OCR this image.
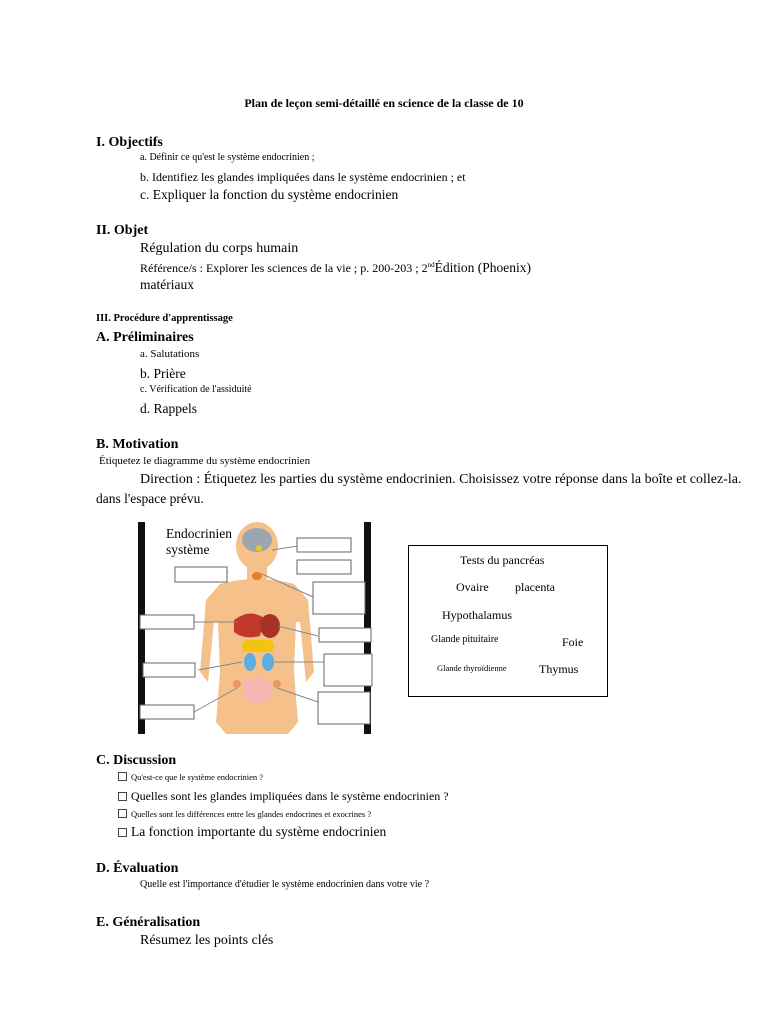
Plan de leçon semi-détaillé en science de la classe de 10
I. Objectifs
a. Définir ce qu'est le système endocrinien ;
b. Identifiez les glandes impliquées dans le système endocrinien ; et
c. Expliquer la fonction du système endocrinien
II. Objet
Régulation du corps humain
Référence/s : Explorer les sciences de la vie ; p. 200-203 ; 2ndÉdition (Phoenix)
matériaux
III. Procédure d'apprentissage
A. Préliminaires
a. Salutations
b. Prière
c. Vérification de l'assiduité
d. Rappels
B. Motivation
Étiquetez le diagramme du système endocrinien
Direction : Étiquetez les parties du système endocrinien. Choisissez votre réponse dans la boîte et collez-la.
dans l'espace prévu.
Endocrinien
système
Tests du pancréas
Ovaire placenta
Hypothalamus
Glande pituitaire	Foie
Glande thyroïdienne	Thymus
C. Discussion
Qu'est-ce que le système endocrinien ?
Quelles sont les glandes impliquées dans le système endocrinien ?
Quelles sont les différences entre les glandes endocrines et exocrines ?
La fonction importante du système endocrinien
D. Évaluation
Quelle est l'importance d'étudier le système endocrinien dans votre vie ?
E. Généralisation
Résumez les points clés
